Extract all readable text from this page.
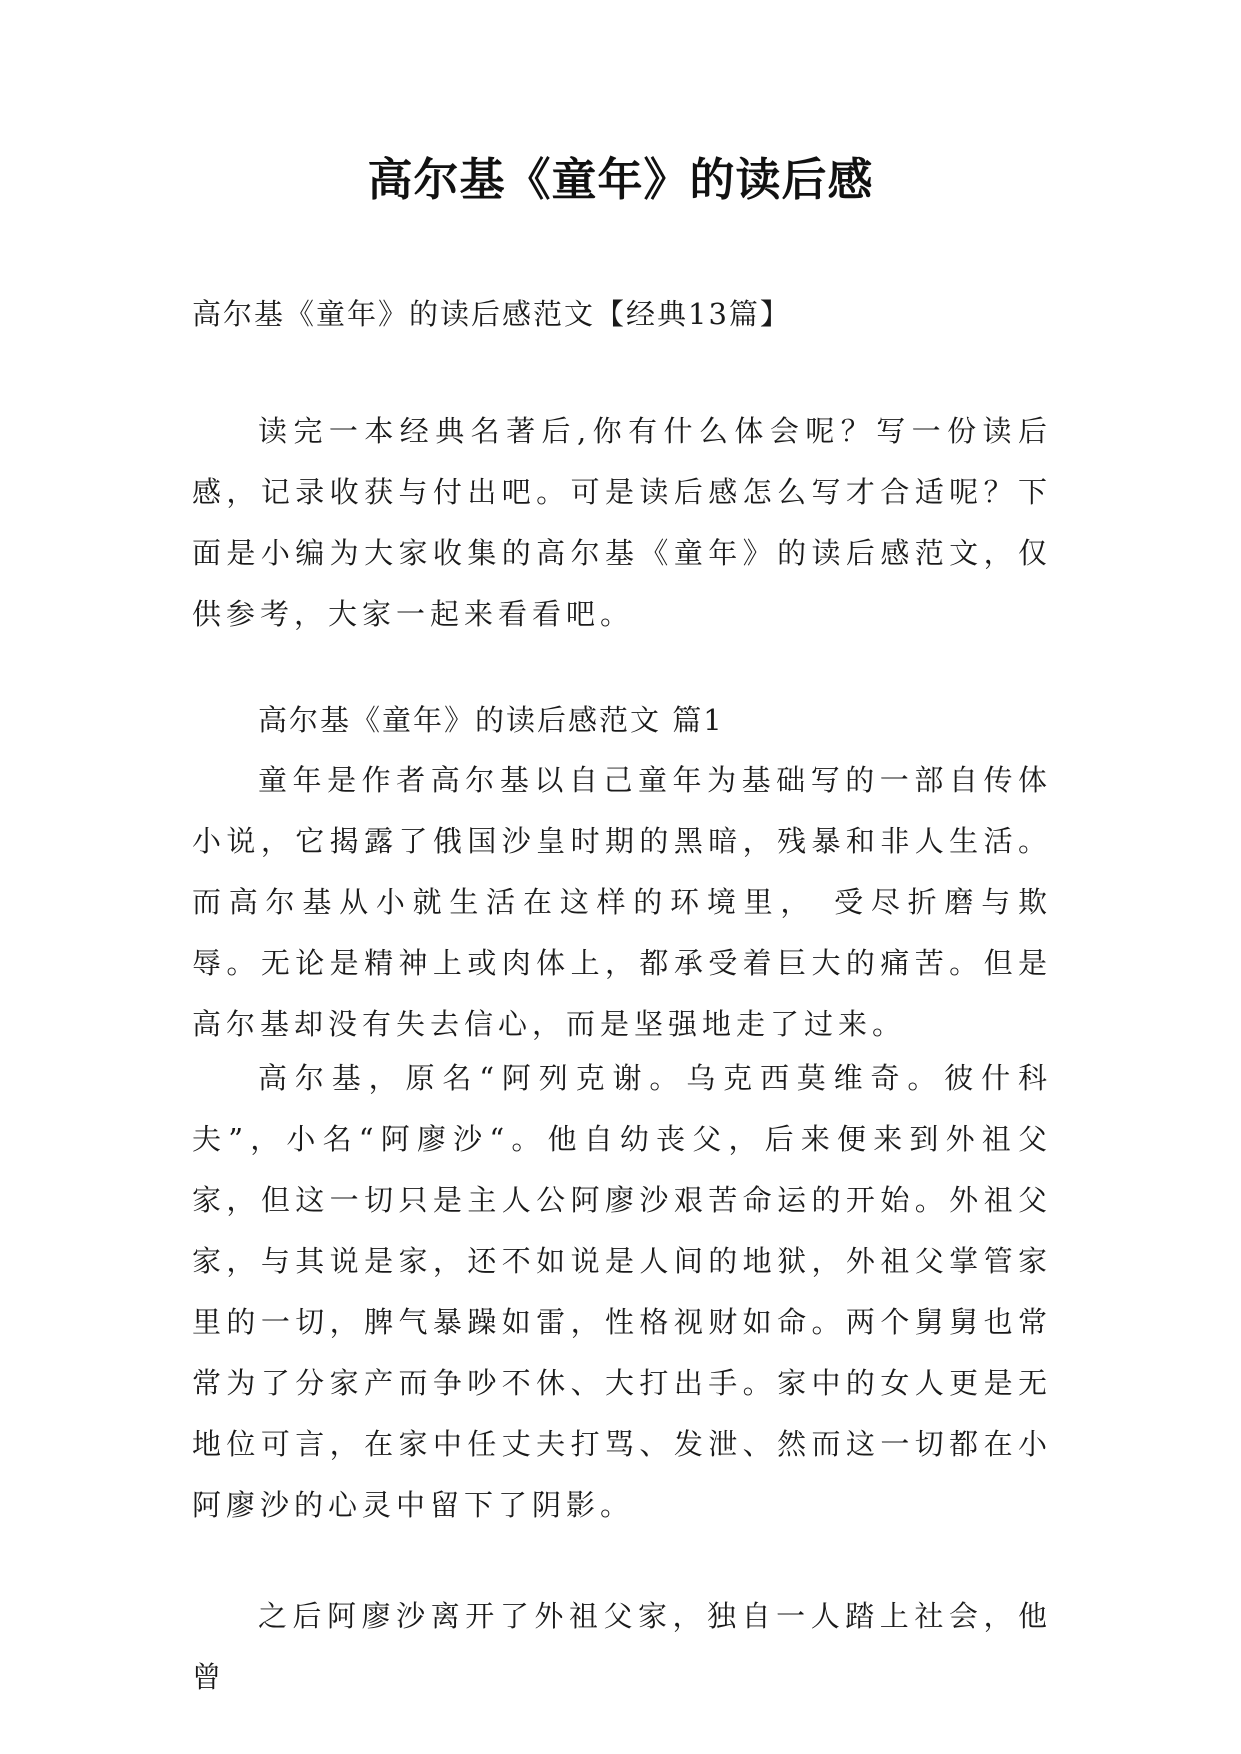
高尔基《童年》的读后感

高尔基《童年》的读后感范文【经典13篇】

读完一本经典名著后,你有什么体会呢？写一份读后感，记录收获与付出吧。可是读后感怎么写才合适呢？下面是小编为大家收集的高尔基《童年》的读后感范文，仅供参考，大家一起来看看吧。

高尔基《童年》的读后感范文 篇1

童年是作者高尔基以自己童年为基础写的一部自传体小说，它揭露了俄国沙皇时期的黑暗，残暴和非人生活。而高尔基从小就生活在这样的环境里， 受尽折磨与欺辱。无论是精神上或肉体上，都承受着巨大的痛苦。但是高尔基却没有失去信心，而是坚强地走了过来。

高尔基，原名“阿列克谢。乌克西莫维奇。彼什科夫”，小名“阿廖沙“。他自幼丧父，后来便来到外祖父家，但这一切只是主人公阿廖沙艰苦命运的开始。外祖父家，与其说是家，还不如说是人间的地狱，外祖父掌管家里的一切，脾气暴躁如雷，性格视财如命。两个舅舅也常常为了分家产而争吵不休、大打出手。家中的女人更是无地位可言，在家中任丈夫打骂、发泄、然而这一切都在小阿廖沙的心灵中留下了阴影。

之后阿廖沙离开了外祖父家，独自一人踏上社会，他曾
